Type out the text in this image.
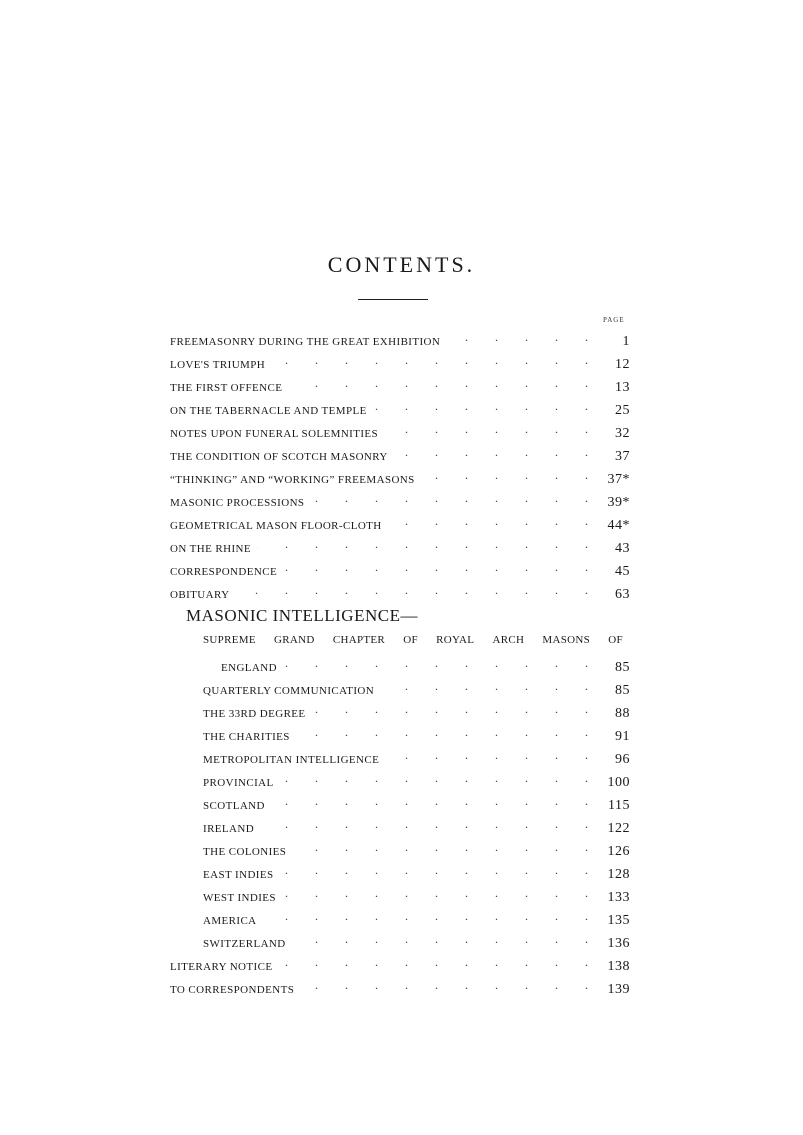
CONTENTS.
PAGE
FREEMASONRY DURING THE GREAT EXHIBITION .	1
LOVE'S TRIUMPH .	12
THE FIRST OFFENCE .	13
ON THE TABERNACLE AND TEMPLE .	25
NOTES UPON FUNERAL SOLEMNITIES .	32
THE CONDITION OF SCOTCH MASONRY .	37
“THINKING” AND “WORKING” FREEMASONS .	37*
MASONIC PROCESSIONS .	39*
GEOMETRICAL MASON FLOOR-CLOTH .	44*
ON THE RHINE .	43
CORRESPONDENCE .	45
OBITUARY .	63
MASONIC INTELLIGENCE—
SUPREME GRAND CHAPTER OF ROYAL ARCH MASONS OF
ENGLAND .	85
QUARTERLY COMMUNICATION .	85
THE 33RD DEGREE .	88
THE CHARITIES .	91
METROPOLITAN INTELLIGENCE .	96
PROVINCIAL .	100
SCOTLAND .	115
IRELAND .	122
THE COLONIES .	126
EAST INDIES .	128
WEST INDIES .	133
AMERICA .	135
SWITZERLAND .	136
LITERARY NOTICE .	138
TO CORRESPONDENTS .	139
